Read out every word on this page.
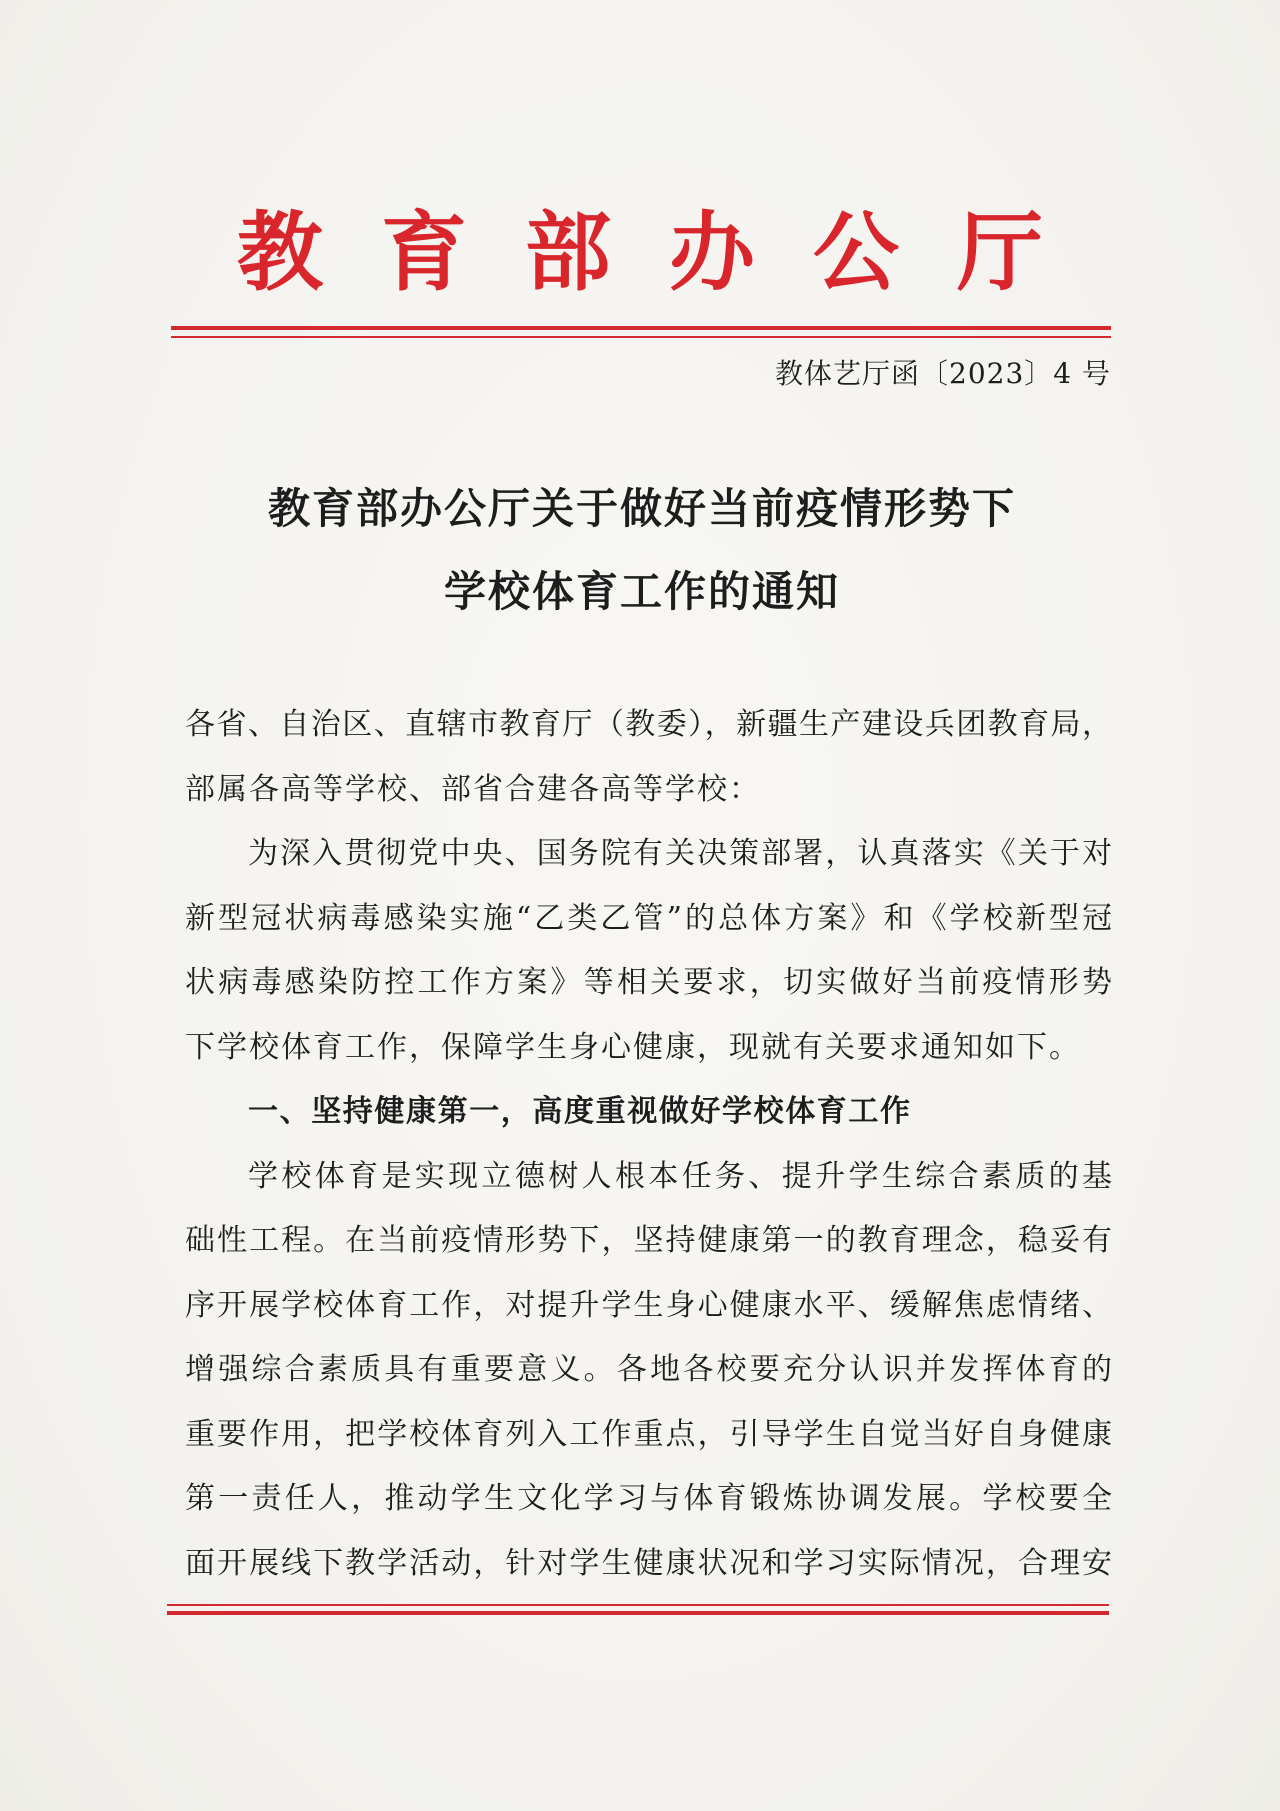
教育部办公厅
教体艺厅函〔2023〕4 号
教育部办公厅关于做好当前疫情形势下
学校体育工作的通知
各省、自治区、直辖市教育厅（教委），新疆生产建设兵团教育局，
部属各高等学校、部省合建各高等学校：
为深入贯彻党中央、国务院有关决策部署，认真落实《关于对
新型冠状病毒感染实施“乙类乙管”的总体方案》和《学校新型冠
状病毒感染防控工作方案》等相关要求，切实做好当前疫情形势
下学校体育工作，保障学生身心健康，现就有关要求通知如下。
一、坚持健康第一，高度重视做好学校体育工作
学校体育是实现立德树人根本任务、提升学生综合素质的基
础性工程。在当前疫情形势下，坚持健康第一的教育理念，稳妥有
序开展学校体育工作，对提升学生身心健康水平、缓解焦虑情绪、
增强综合素质具有重要意义。各地各校要充分认识并发挥体育的
重要作用，把学校体育列入工作重点，引导学生自觉当好自身健康
第一责任人，推动学生文化学习与体育锻炼协调发展。学校要全
面开展线下教学活动，针对学生健康状况和学习实际情况，合理安
